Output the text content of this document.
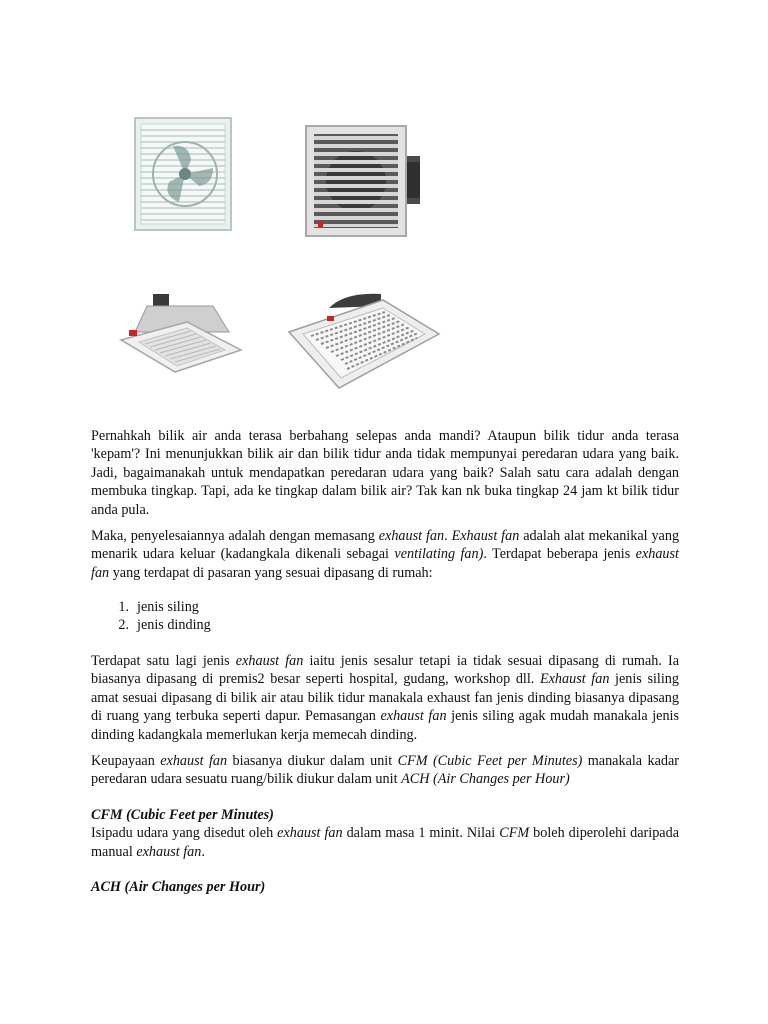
Pernahkah bilik air anda terasa berbahang selepas anda mandi? Ataupun bilik tidur anda terasa 'kepam'? Ini menunjukkan bilik air dan bilik tidur anda tidak mempunyai peredaran udara yang baik. Jadi, bagaimanakah untuk mendapatkan peredaran udara yang baik? Salah satu cara adalah dengan membuka tingkap. Tapi, ada ke tingkap dalam bilik air? Tak kan nk buka tingkap 24 jam kt bilik tidur anda pula.

Maka, penyelesaiannya adalah dengan memasang exhaust fan. Exhaust fan adalah alat mekanikal yang menarik udara keluar (kadangkala dikenali sebagai ventilating fan). Terdapat beberapa jenis exhaust fan yang terdapat di pasaran yang sesuai dipasang di rumah:

1. jenis siling
2. jenis dinding

Terdapat satu lagi jenis exhaust fan iaitu jenis sesalur tetapi ia tidak sesuai dipasang di rumah. Ia biasanya dipasang di premis2 besar seperti hospital, gudang, workshop dll. Exhaust fan jenis siling amat sesuai dipasang di bilik air atau bilik tidur manakala exhaust fan jenis dinding biasanya dipasang di ruang yang terbuka seperti dapur. Pemasangan exhaust fan jenis siling agak mudah manakala jenis dinding kadangkala memerlukan kerja memecah dinding.

Keupayaan exhaust fan biasanya diukur dalam unit CFM (Cubic Feet per Minutes) manakala kadar peredaran udara sesuatu ruang/bilik diukur dalam unit ACH (Air Changes per Hour)

CFM (Cubic Feet per Minutes)

Isipadu udara yang disedut oleh exhaust fan dalam masa 1 minit. Nilai CFM boleh diperolehi daripada manual exhaust fan.

ACH (Air Changes per Hour)
